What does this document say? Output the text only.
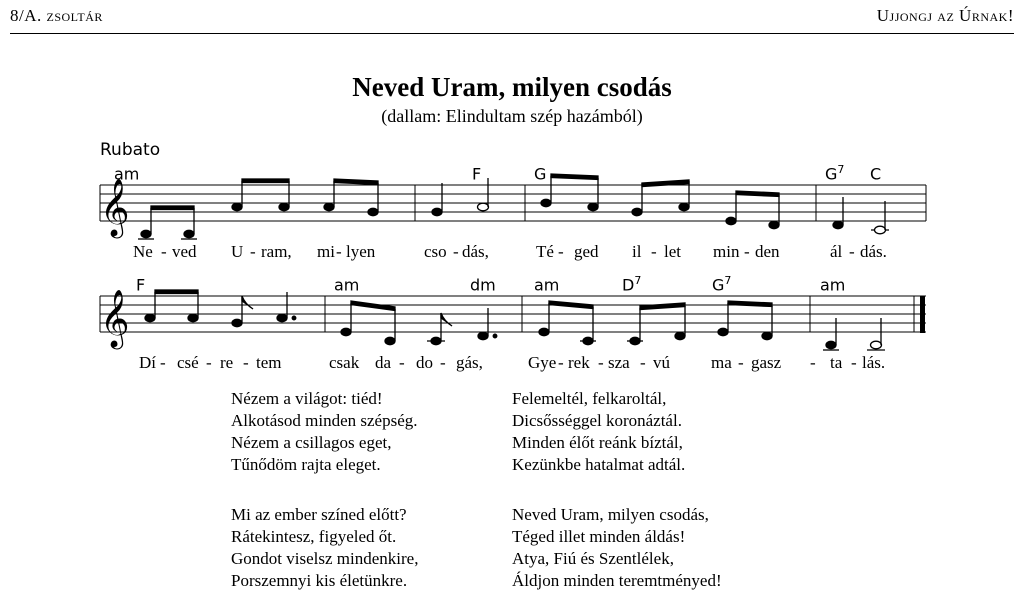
8/A. zsoltár	Ujjongj az Úrnak!
Neved Uram, milyen csodás
(dallam: Elindultam szép hazámból)
Rubato
am	F	G	$G^7$ C
F	am	dm am	$D^7$	$G^7$	am
𝄞
𝄞
Ne - ved U - ram, mi - lyen	cso - dás,	Té - ged il - let min - den	ál - dás.
Dí - csé - re - tem	csak da - do - gás,	Gye - rek - sza - vú ma - gasz - ta - lás.
Nézem a világot: tiéd!
Alkotásod minden szépség.
Nézem a csillagos eget,
Tűnődöm rajta eleget.
Felemeltél, felkaroltál,
Dicsősséggel koronáztál.
Minden élőt reánk bíztál,
Kezünkbe hatalmat adtál.
Mi az ember színed előtt?
Rátekintesz, figyeled őt.
Gondot viselsz mindenkire,
Porszemnyi kis életünkre.
Neved Uram, milyen csodás,
Téged illet minden áldás!
Atya, Fiú és Szentlélek,
Áldjon minden teremtményed!
